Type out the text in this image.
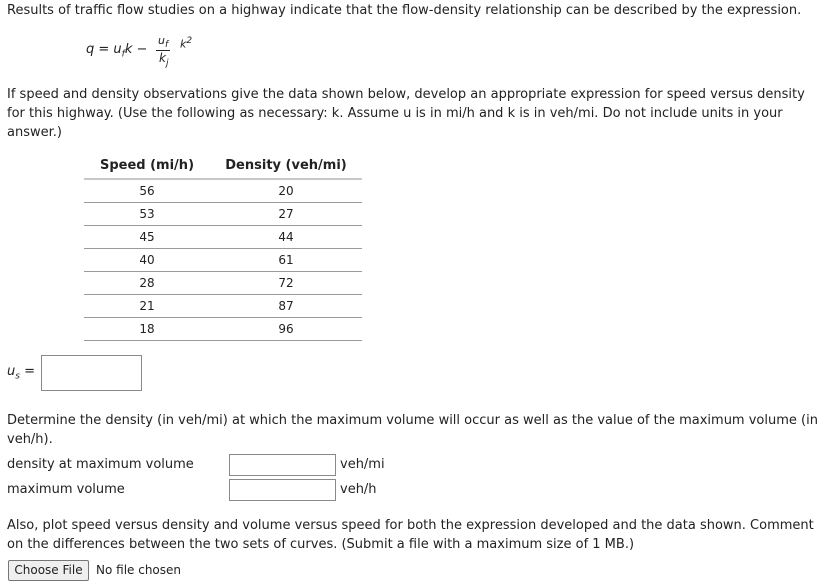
Results of traffic flow studies on a highway indicate that the flow-density relationship can be described by the expression.

$q = u_fk$ −
$u_f$ $k^2$
$k_j$

If speed and density observations give the data shown below, develop an appropriate expression for speed versus density for this highway. (Use the following as necessary: k. Assume u is in mi/h and k is in veh/mi. Do not include units in your answer.)

Speed (mi/h)	Density (veh/mi)
56	20
53	27
45	44
40	61
28	72
21	87
18	96
$u_s$ =

Determine the density (in veh/mi) at which the maximum volume will occur as well as the value of the maximum volume (in veh/h).

density at maximum volume	veh/mi
maximum volume	veh/h

Also, plot speed versus density and volume versus speed for both the expression developed and the data shown. Comment on the differences between the two sets of curves. (Submit a file with a maximum size of 1 MB.)

Choose File	No file chosen
